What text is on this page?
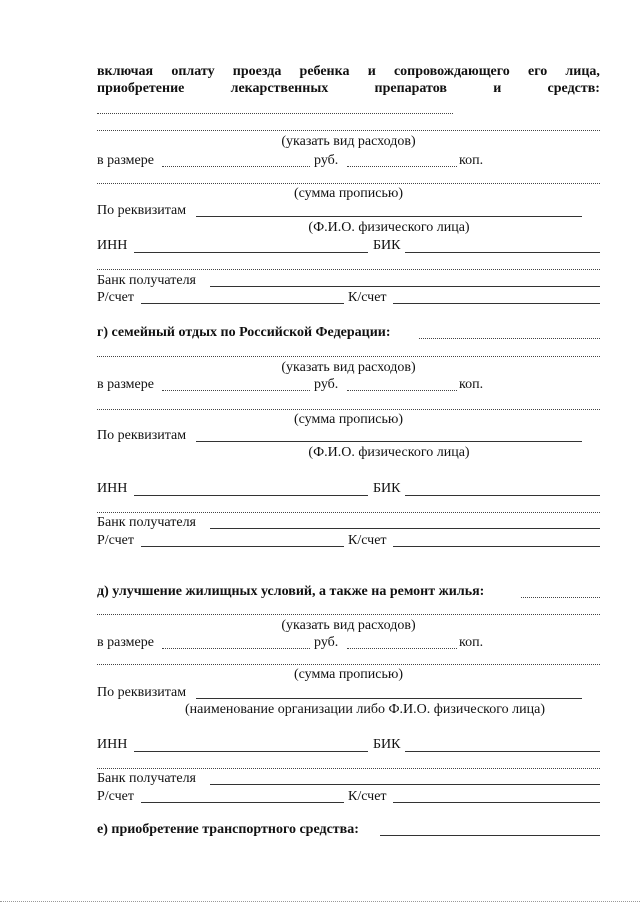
включая оплату проезда ребенка и сопровождающего его лица,
приобретение	лекарственных	препаратов	и	средств:
(указать вид расходов)
в размере	руб.	коп.
(сумма прописью)
По реквизитам
(Ф.И.О. физического лица)
ИНН	БИК
Банк получателя
Р/счет	К/счет
г) семейный отдых по Российской Федерации:
(указать вид расходов)
в размере	руб.	коп.
(сумма прописью)
По реквизитам
(Ф.И.О. физического лица)
ИНН	БИК
Банк получателя
Р/счет	К/счет
д) улучшение жилищных условий, а также на ремонт жилья:
(указать вид расходов)
в размере	руб.	коп.
(сумма прописью)
По реквизитам
(наименование организации либо Ф.И.О. физического лица)
ИНН	БИК
Банк получателя
Р/счет	К/счет
е) приобретение транспортного средства:
